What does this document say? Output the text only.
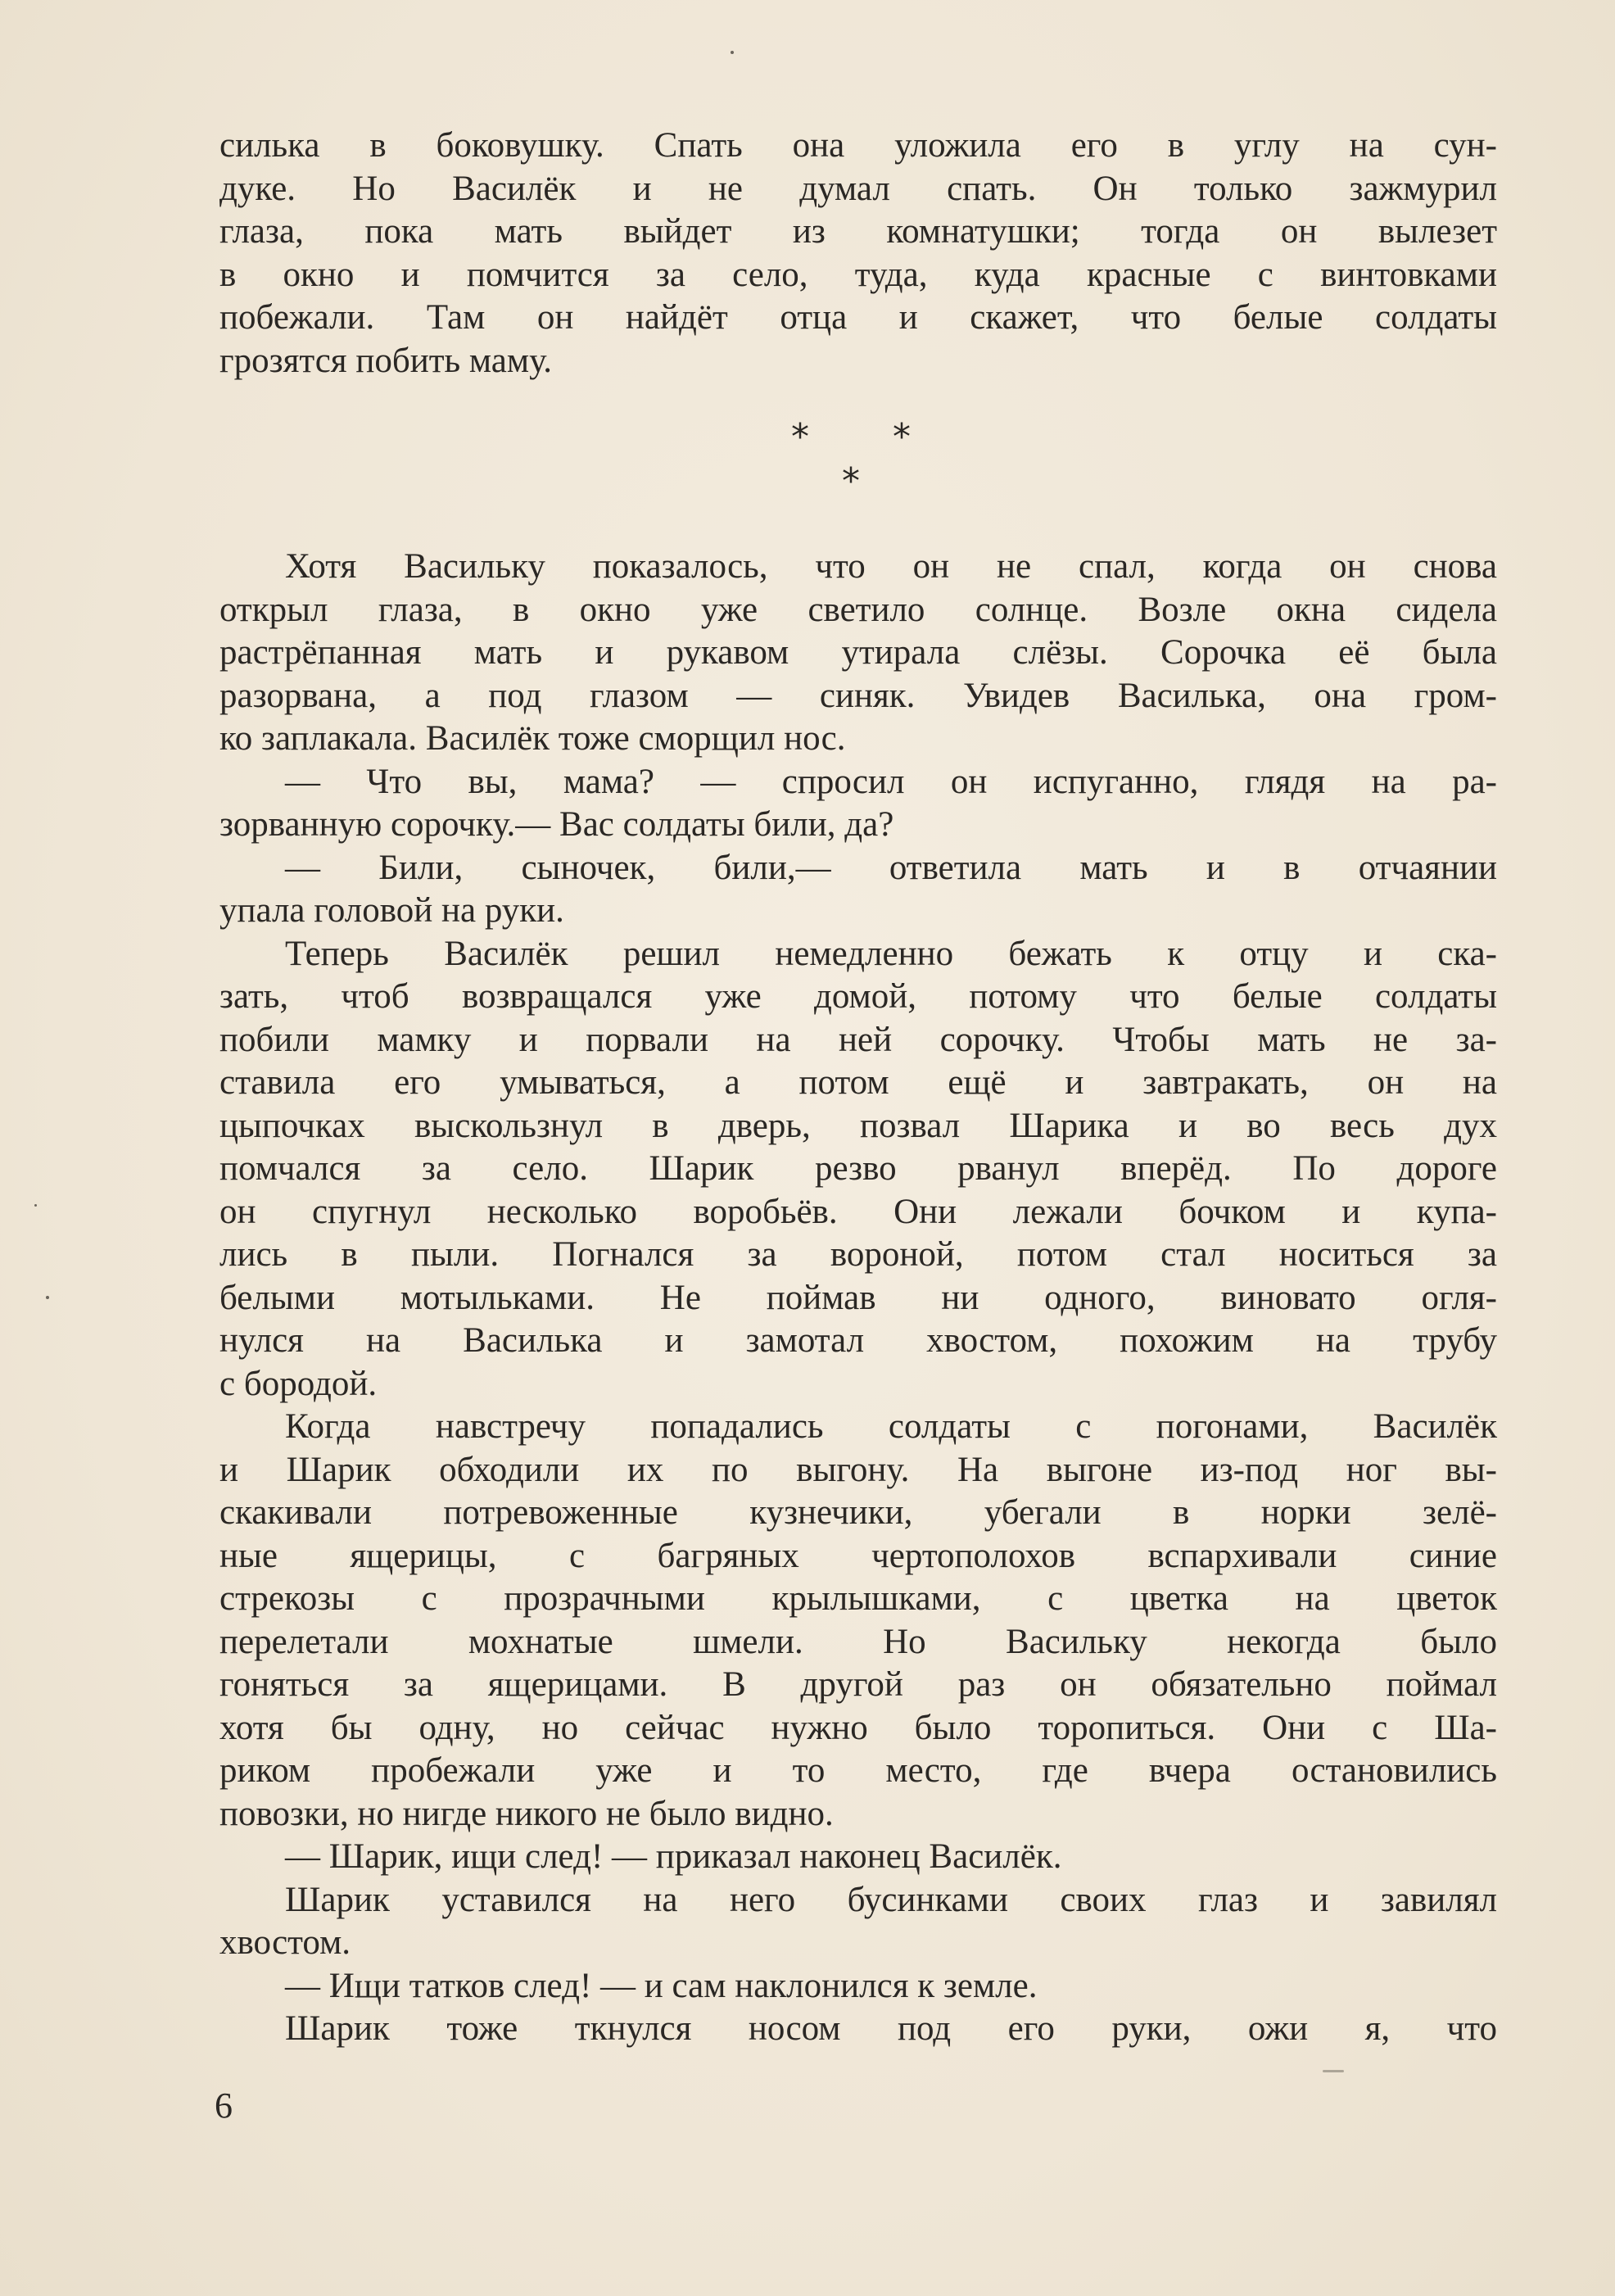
силька в боковушку. Спать она уложила его в углу на сун-
дуке. Но Василёк и не думал спать. Он только зажмурил
глаза, пока мать выйдет из комнатушки; тогда он вылезет
в окно и помчится за село, туда, куда красные с винтовками
побежали. Там он найдёт отца и скажет, что белые солдаты
грозятся побить маму.
* *
*
Хотя Васильку показалось, что он не спал, когда он снова
открыл глаза, в окно уже светило солнце. Возле окна сидела
растрёпанная мать и рукавом утирала слёзы. Сорочка её была
разорвана, а под глазом — синяк. Увидев Василька, она гром-
ко заплакала. Василёк тоже сморщил нос.
— Что вы, мама? — спросил он испуганно, глядя на ра-
зорванную сорочку.— Вас солдаты били, да?
— Били, сыночек, били,— ответила мать и в отчаянии
упала головой на руки.
Теперь Василёк решил немедленно бежать к отцу и ска-
зать, чтоб возвращался уже домой, потому что белые солдаты
побили мамку и порвали на ней сорочку. Чтобы мать не за-
ставила его умываться, а потом ещё и завтракать, он на
цыпочках выскользнул в дверь, позвал Шарика и во весь дух
помчался за село. Шарик резво рванул вперёд. По дороге
он спугнул несколько воробьёв. Они лежали бочком и купа-
лись в пыли. Погнался за вороной, потом стал носиться за
белыми мотыльками. Не поймав ни одного, виновато огля-
нулся на Василька и замотал хвостом, похожим на трубу
с бородой.
Когда навстречу попадались солдаты с погонами, Василёк
и Шарик обходили их по выгону. На выгоне из-под ног вы-
скакивали потревоженные кузнечики, убегали в норки зелё-
ные ящерицы, с багряных чертополохов вспархивали синие
стрекозы с прозрачными крылышками, с цветка на цветок
перелетали мохнатые шмели. Но Васильку некогда было
гоняться за ящерицами. В другой раз он обязательно поймал
хотя бы одну, но сейчас нужно было торопиться. Они с Ша-
риком пробежали уже и то место, где вчера остановились
повозки, но нигде никого не было видно.
— Шарик, ищи след! — приказал наконец Василёк.
Шарик уставился на него бусинками своих глаз и завилял
хвостом.
— Ищи татков след! — и сам наклонился к земле.
Шарик тоже ткнулся носом под его руки, ожи я, что
6
